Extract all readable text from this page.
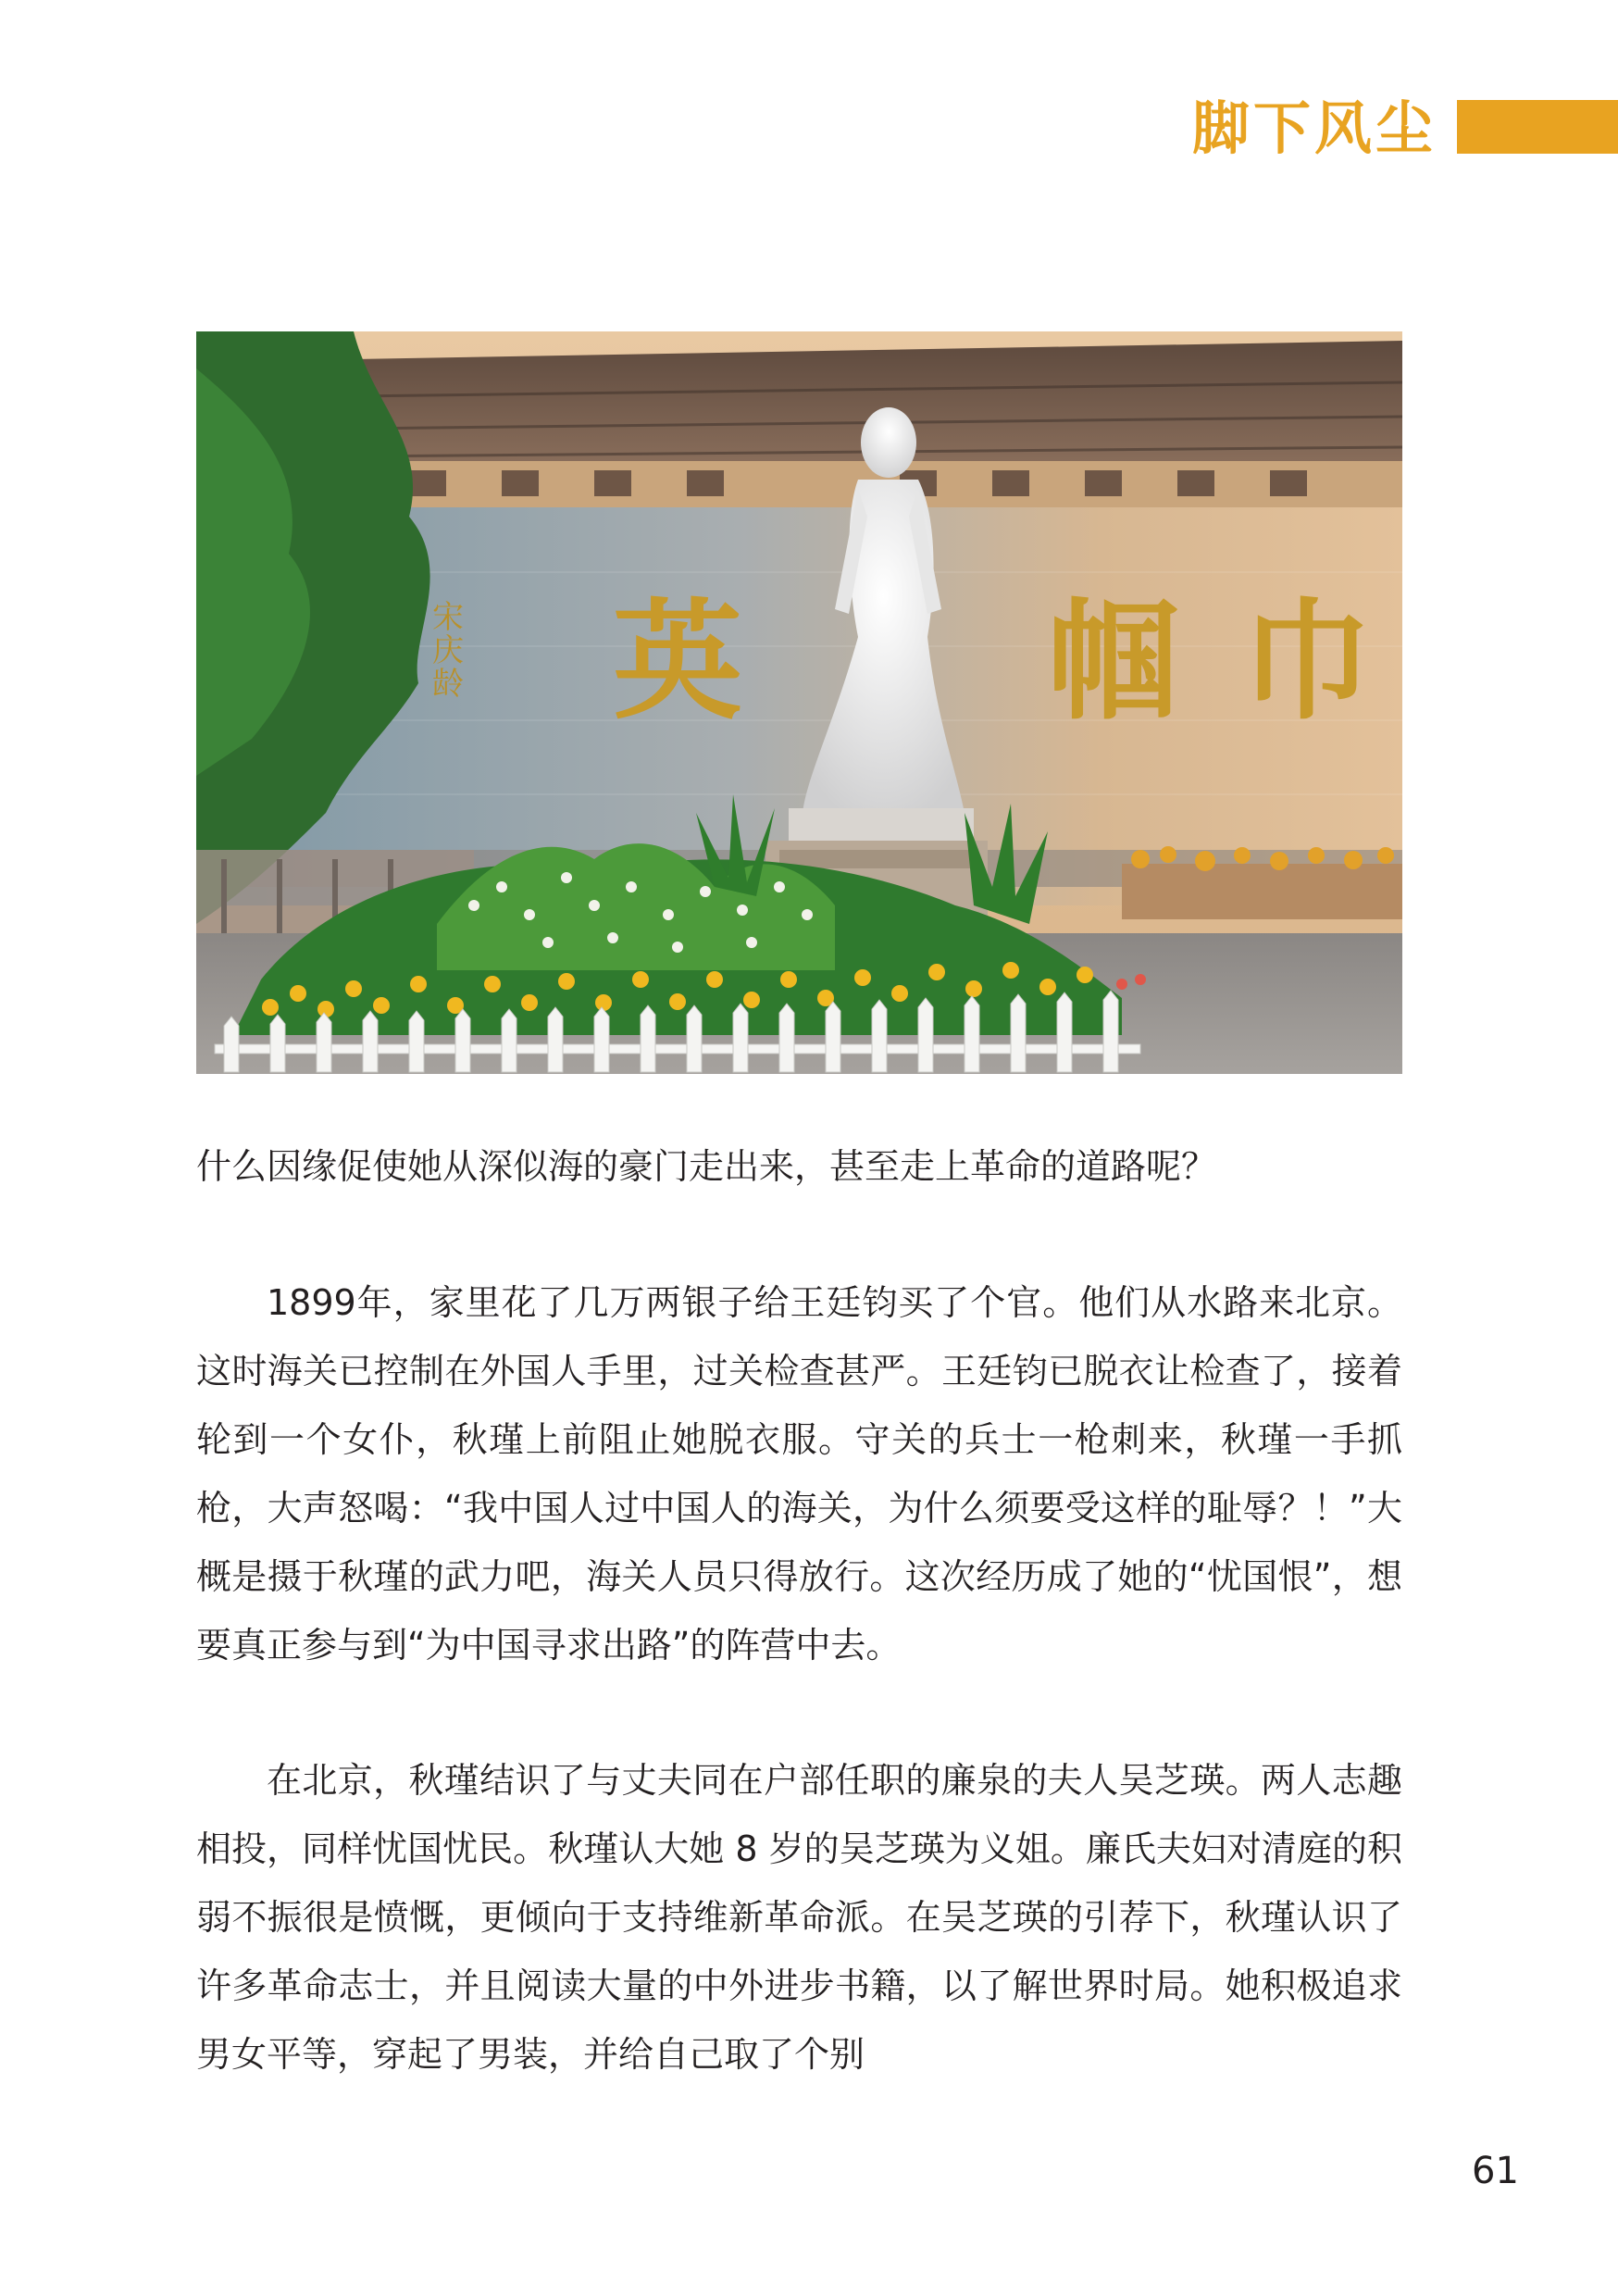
脚下风尘
宋庆龄	巾
帼
英

什么因缘促使她从深似海的豪门走出来，甚至走上革命的道路呢？

1899年，家里花了几万两银子给王廷钧买了个官。他们从水路来北京。这时海关已控制在外国人手里，过关检查甚严。王廷钧已脱衣让检查了，接着轮到一个女仆，秋瑾上前阻止她脱衣服。守关的兵士一枪刺来，秋瑾一手抓枪，大声怒喝：“我中国人过中国人的海关，为什么须要受这样的耻辱？！”大概是摄于秋瑾的武力吧，海关人员只得放行。这次经历成了她的“忧国恨”，想要真正参与到“为中国寻求出路”的阵营中去。

在北京，秋瑾结识了与丈夫同在户部任职的廉泉的夫人吴芝瑛。两人志趣相投，同样忧国忧民。秋瑾认大她 8 岁的吴芝瑛为义姐。廉氏夫妇对清庭的积弱不振很是愤慨，更倾向于支持维新革命派。在吴芝瑛的引荐下，秋瑾认识了许多革命志士，并且阅读大量的中外进步书籍，以了解世界时局。她积极追求男女平等，穿起了男装，并给自己取了个别

61
